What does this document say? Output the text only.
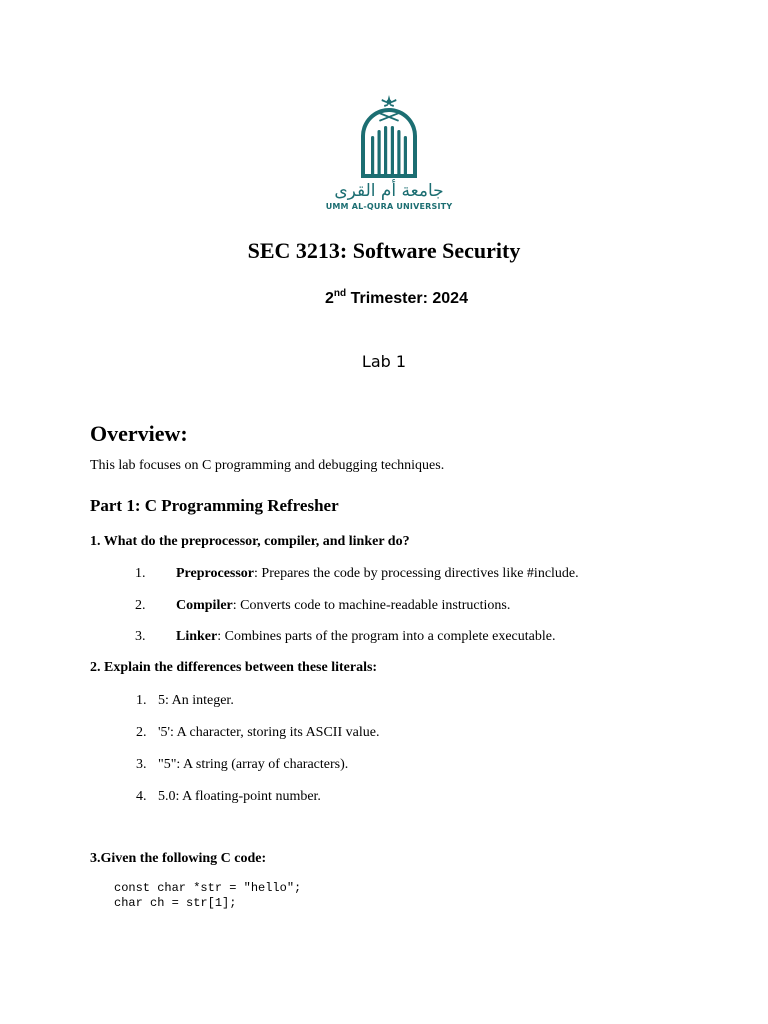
جامعة أم القرى
UMM AL-QURA UNIVERSITY
SEC 3213: Software Security
2nd Trimester: 2024
Lab 1
Overview:
This lab focuses on C programming and debugging techniques.
Part 1: C Programming Refresher
1. What do the preprocessor, compiler, and linker do?
1. Preprocessor: Prepares the code by processing directives like #include.
2. Compiler: Converts code to machine-readable instructions.
3. Linker: Combines parts of the program into a complete executable.
2. Explain the differences between these literals:
1. 5: An integer.
2. '5': A character, storing its ASCII value.
3. "5": A string (array of characters).
4. 5.0: A floating-point number.
3.Given the following C code:
const char *str = "hello";
char ch = str[1];
